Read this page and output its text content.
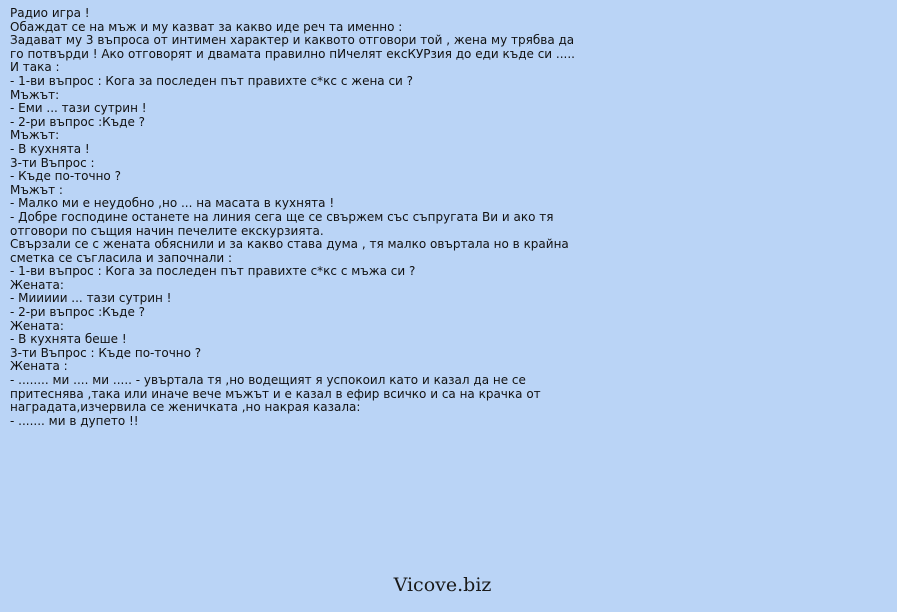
Радио игра !
Обаждат се на мъж и му казват за какво иде реч та именно :
Задават му 3 въпроса от интимен характер и каквото отговори той , жена му трябва да го потвърди ! Ако отговорят и двамата правилно пИчелят ексКУРзия до еди къде си .....
И така :
- 1-ви въпрос : Кога за последен път правихте с*кс с жена си ?
Мъжът:
- Еми ... тази сутрин !
- 2-ри въпрос :Къде ?
Мъжът:
- В кухнята !
3-ти Въпрос :
- Къде по-точно ?
Мъжът :
- Малко ми е неудобно ,но ... на масата в кухнята !
- Добре господине останете на линия сега ще се свържем със съпругата Ви и ако тя отговори по същия начин печелите екскурзията.
Свързали се с жената обяснили и за какво става дума , тя малко овъртала но в крайна сметка се съгласила и започнали :
- 1-ви въпрос : Кога за последен път правихте с*кс с мъжа си ?
Жената:
- Миииии ... тази сутрин !
- 2-ри въпрос :Къде ?
Жената:
- В кухнята беше !
3-ти Въпрос : Къде по-точно ?
Жената :
- ........ ми .... ми ..... - увъртала тя ,но водещият я успокоил като и казал да не се притеснява ,така или иначе вече мъжът и е казал в ефир всичко и са на крачка от наградата,изчервила се женичката ,но накрая казала:
- ....... ми в дупето !!
Vicove.biz
